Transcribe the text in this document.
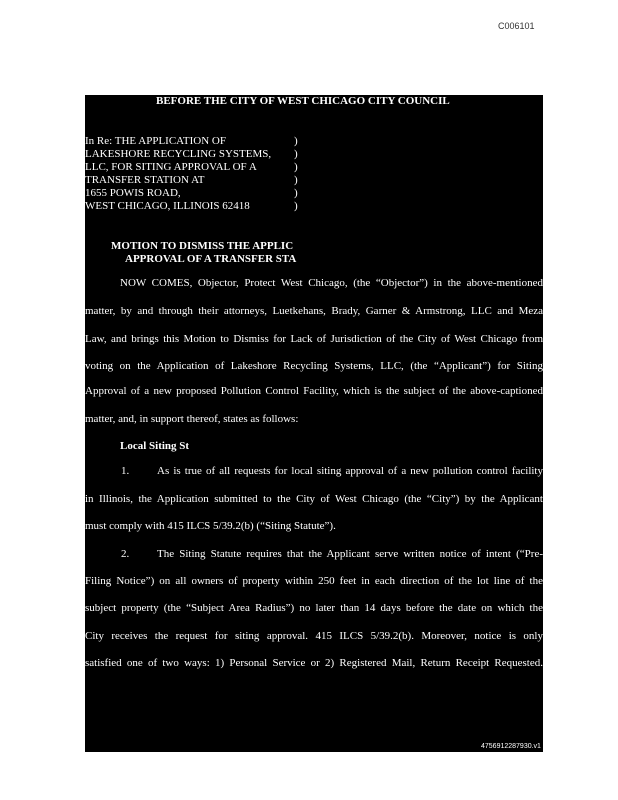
C006101
BEFORE THE CITY OF WEST CHICAGO CITY COUNCIL
In Re: THE APPLICATION OF
LAKESHORE RECYCLING SYSTEMS,
LLC, FOR SITING APPROVAL OF A
TRANSFER STATION AT
1655 POWIS ROAD,
WEST CHICAGO, ILLINOIS 62418
)
)
)
)
)
)
MOTION TO DISMISS THE APPLIC
APPROVAL OF A TRANSFER STA
NOW COMES, Objector, Protect West Chicago, (the “Objector”) in the above-mentioned
matter, by and through their attorneys, Luetkehans, Brady, Garner & Armstrong, LLC and Meza
Law, and brings this Motion to Dismiss for Lack of Jurisdiction of the City of West Chicago from
voting on the Application of Lakeshore Recycling Systems, LLC, (the “Applicant”) for Siting
Approval of a new proposed Pollution Control Facility, which is the subject of the above-captioned
matter, and, in support thereof, states as follows:
Local Siting St
1.	As is true of all requests for local siting approval of a new pollution control facility
in Illinois, the Application submitted to the City of West Chicago (the “City”) by the Applicant
must comply with 415 ILCS 5/39.2(b) (“Siting Statute”).
2.	The Siting Statute requires that the Applicant serve written notice of intent (“Pre-
Filing Notice”) on all owners of property within 250 feet in each direction of the lot line of the
subject property (the “Subject Area Radius”) no later than 14 days before the date on which the
City receives the request for siting approval. 415 ILCS 5/39.2(b). Moreover, notice is only
satisfied one of two ways: 1) Personal Service or 2) Registered Mail, Return Receipt Requested.
4756912287930.v1
